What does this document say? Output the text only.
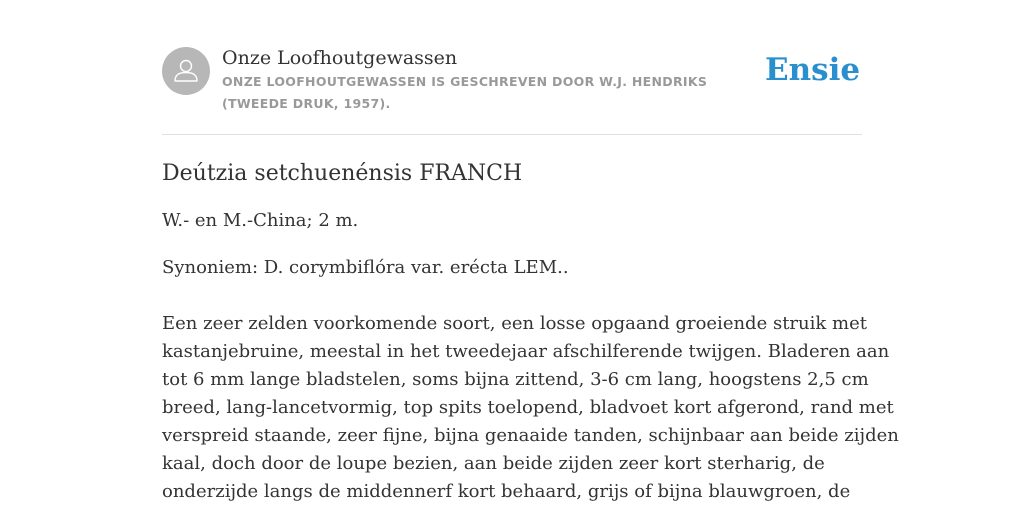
Onze Loofhoutgewassen
ONZE LOOFHOUTGEWASSEN IS GESCHREVEN DOOR W.J. HENDRIKS (TWEEDE DRUK, 1957).
Ensie
Deútzia setchuenénsis FRANCH
W.- en M.-China; 2 m.
Synoniem: D. corymbiflóra var. erécta LEM..
Een zeer zelden voorkomende soort, een losse opgaand groeiende struik met
kastanjebruine, meestal in het tweedejaar afschilferende twijgen. Bladeren aan
tot 6 mm lange bladstelen, soms bijna zittend, 3-6 cm lang, hoogstens 2,5 cm
breed, lang-lancetvormig, top spits toelopend, bladvoet kort afgerond, rand met
verspreid staande, zeer fijne, bijna genaaide tanden, schijnbaar aan beide zijden
kaal, doch door de loupe bezien, aan beide zijden zeer kort sterharig, de
onderzijde langs de middennerf kort behaard, grijs of bijna blauwgroen, de
